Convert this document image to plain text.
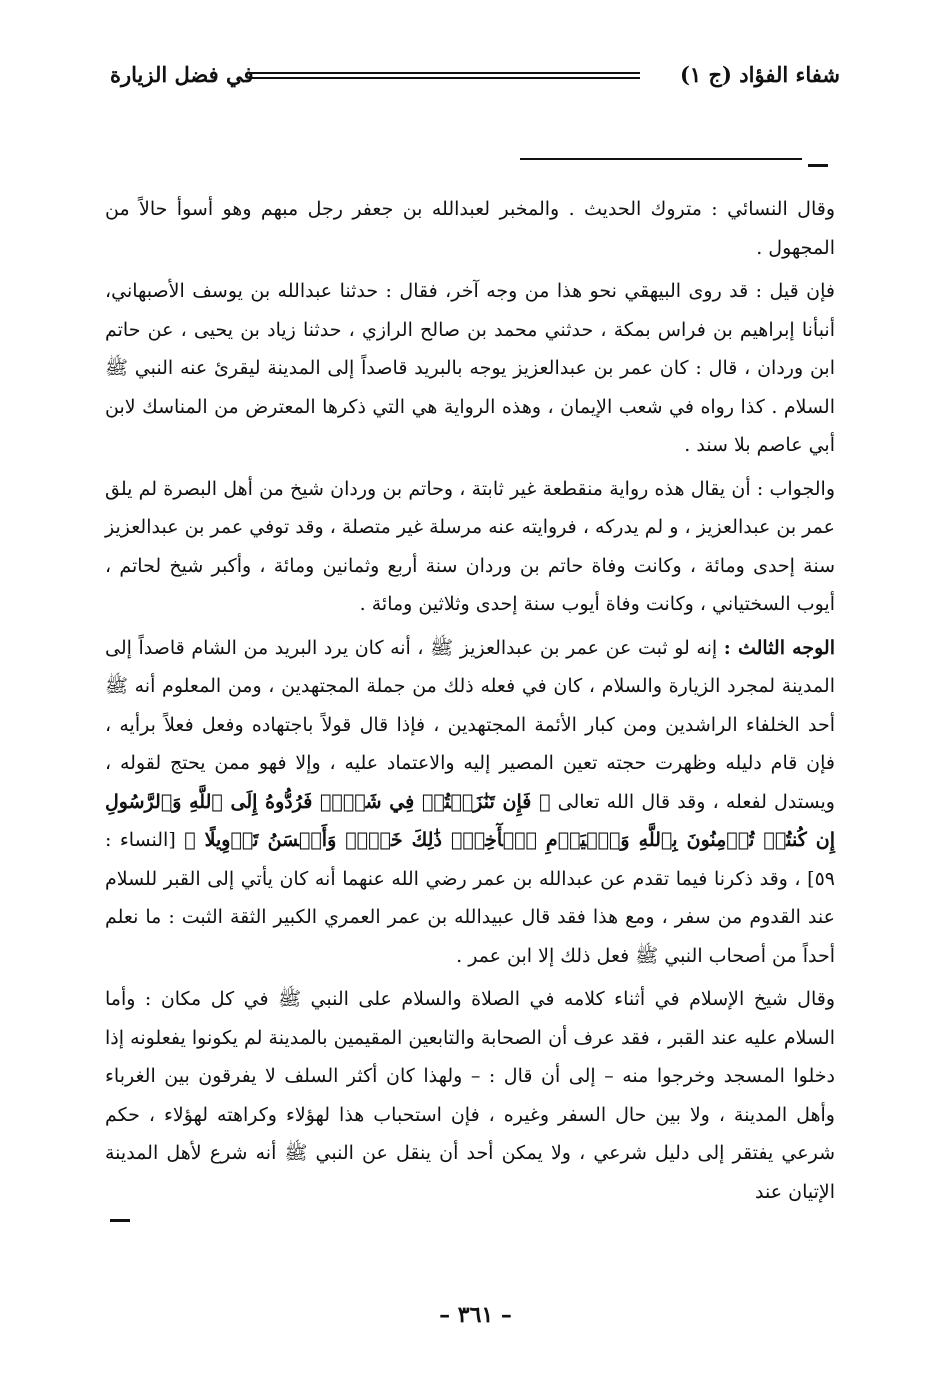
شفاء الفؤاد (ج ١)
في فضل الزيارة

وقال النسائي : متروك الحديث . والمخبر لعبدالله بن جعفر رجل مبهم وهو أسوأ حالاً من المجهول .

فإن قيل : قد روى البيهقي نحو هذا من وجه آخر، فقال : حدثنا عبدالله بن يوسف الأصبهاني، أنبأنا إبراهيم بن فراس بمكة ، حدثني محمد بن صالح الرازي ، حدثنا زياد بن يحيى ، عن حاتم ابن وردان ، قال : كان عمر بن عبدالعزيز يوجه بالبريد قاصداً إلى المدينة ليقرئ عنه النبي ﷺ السلام . كذا رواه في شعب الإيمان ، وهذه الرواية هي التي ذكرها المعترض من المناسك لابن أبي عاصم بلا سند .

والجواب : أن يقال هذه رواية منقطعة غير ثابتة ، وحاتم بن وردان شيخ من أهل البصرة لم يلق عمر بن عبدالعزيز ، و لم يدركه ، فروايته عنه مرسلة غير متصلة ، وقد توفي عمر بن عبدالعزيز سنة إحدى ومائة ، وكانت وفاة حاتم بن وردان سنة أربع وثمانين ومائة ، وأكبر شيخ لحاتم ، أيوب السختياني ، وكانت وفاة أيوب سنة إحدى وثلاثين ومائة .

الوجه الثالث : إنه لو ثبت عن عمر بن عبدالعزيز ﷺ ، أنه كان يرد البريد من الشام قاصداً إلى المدينة لمجرد الزيارة والسلام ، كان في فعله ذلك من جملة المجتهدين ، ومن المعلوم أنه ﷺ أحد الخلفاء الراشدين ومن كبار الأئمة المجتهدين ، فإذا قال قولاً باجتهاده وفعل فعلاً برأيه ، فإن قام دليله وظهرت حجته تعين المصير إليه والاعتماد عليه ، وإلا فهو ممن يحتج لقوله ، ويستدل لفعله ، وقد قال الله تعالى ﴿ فَإِن تَنَٰزَعۡتُمۡ فِي شَيۡءٖ فَرُدُّوهُ إِلَى ٱللَّهِ وَٱلرَّسُولِ إِن كُنتُمۡ تُؤۡمِنُونَ بِٱللَّهِ وَٱلۡيَوۡمِ ٱلۡأٓخِرِۚ ذَٰلِكَ خَيۡرٞ وَأَحۡسَنُ تَأۡوِيلًا ﴾ [النساء : ٥٩] ، وقد ذكرنا فيما تقدم عن عبدالله بن عمر رضي الله عنهما أنه كان يأتي إلى القبر للسلام عند القدوم من سفر ، ومع هذا فقد قال عبيدالله بن عمر العمري الكبير الثقة الثبت : ما نعلم أحداً من أصحاب النبي ﷺ فعل ذلك إلا ابن عمر .

وقال شيخ الإسلام في أثناء كلامه في الصلاة والسلام على النبي ﷺ في كل مكان : وأما السلام عليه عند القبر ، فقد عرف أن الصحابة والتابعين المقيمين بالمدينة لم يكونوا يفعلونه إذا دخلوا المسجد وخرجوا منه – إلى أن قال : – ولهذا كان أكثر السلف لا يفرقون بين الغرباء وأهل المدينة ، ولا بين حال السفر وغيره ، فإن استحباب هذا لهؤلاء وكراهته لهؤلاء ، حكم شرعي يفتقر إلى دليل شرعي ، ولا يمكن أحد أن ينقل عن النبي ﷺ أنه شرع لأهل المدينة الإتيان عند

– ٣٦١ –
